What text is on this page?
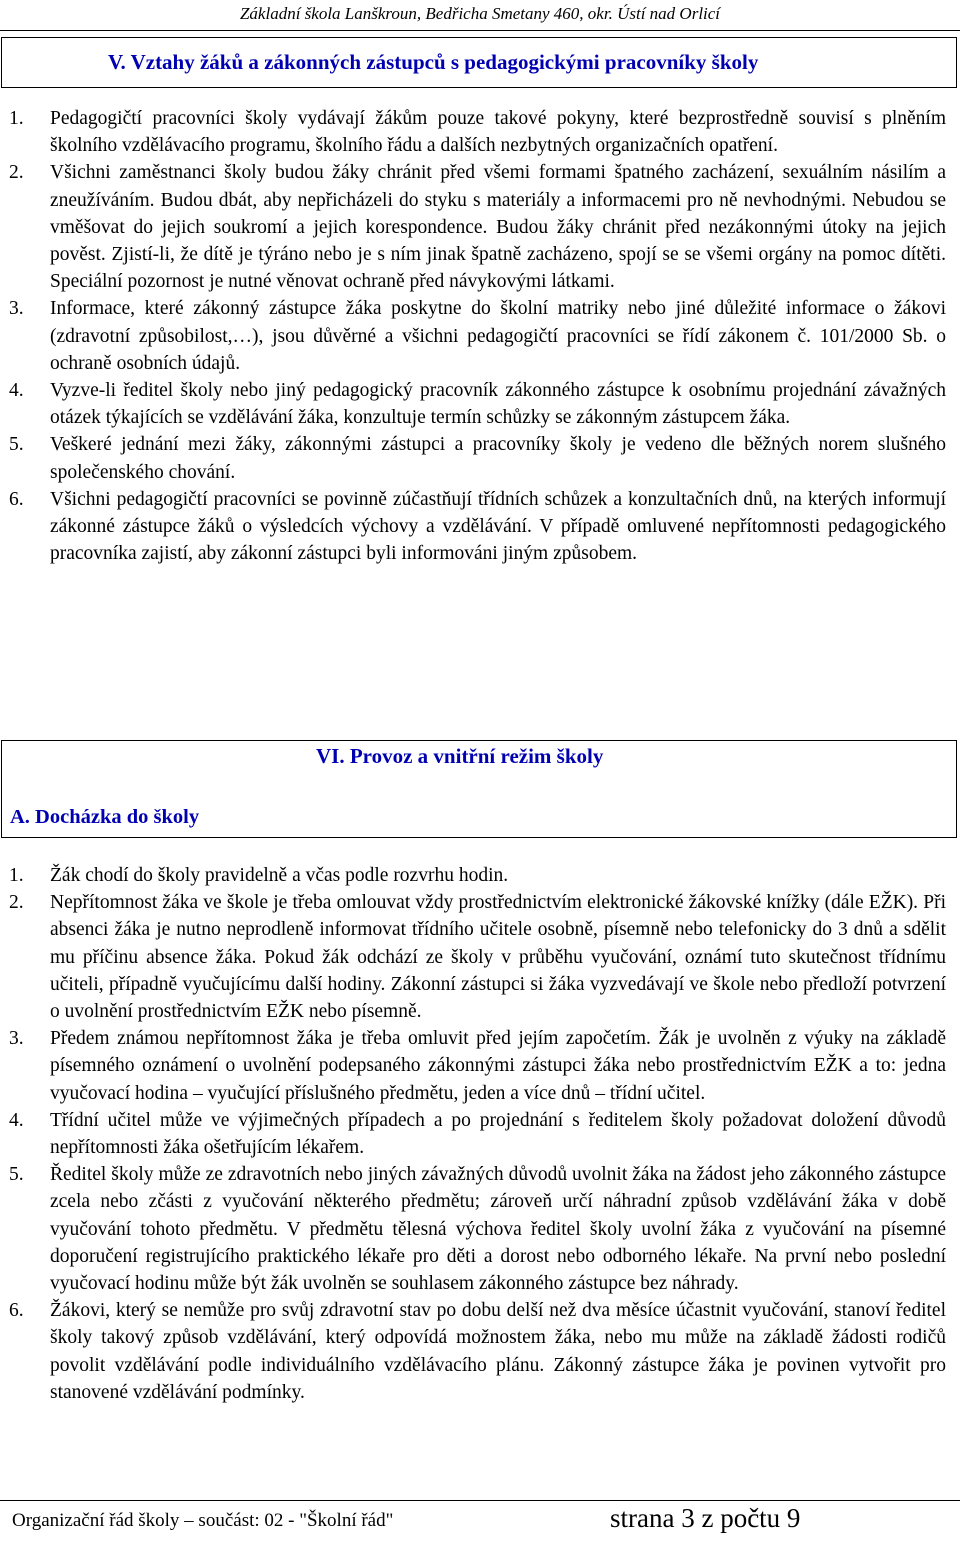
Základní škola Lanškroun, Bedřicha Smetany 460, okr. Ústí nad Orlicí
V. Vztahy žáků a zákonných zástupců s pedagogickými pracovníky školy
1. Pedagogičtí pracovníci školy vydávají žákům pouze takové pokyny, které bezprostředně souvisí s plněním školního vzdělávacího programu, školního řádu a dalších nezbytných organizačních opatření.
2. Všichni zaměstnanci školy budou žáky chránit před všemi formami špatného zacházení, sexuálním násilím a zneužíváním. Budou dbát, aby nepřicházeli do styku s materiály a informacemi pro ně nevhodnými. Nebudou se vměšovat do jejich soukromí a jejich korespondence. Budou žáky chránit před nezákonnými útoky na jejich pověst. Zjistí-li, že dítě je týráno nebo je s ním jinak špatně zacházeno, spojí se se všemi orgány na pomoc dítěti. Speciální pozornost je nutné věnovat ochraně před návykovými látkami.
3. Informace, které zákonný zástupce žáka poskytne do školní matriky nebo jiné důležité informace o žákovi (zdravotní způsobilost,…), jsou důvěrné a všichni pedagogičtí pracovníci se řídí zákonem č. 101/2000 Sb. o ochraně osobních údajů.
4. Vyzve-li ředitel školy nebo jiný pedagogický pracovník zákonného zástupce k osobnímu projednání závažných otázek týkajících se vzdělávání žáka, konzultuje termín schůzky se zákonným zástupcem žáka.
5. Veškeré jednání mezi žáky, zákonnými zástupci a pracovníky školy je vedeno dle běžných norem slušného společenského chování.
6. Všichni pedagogičtí pracovníci se povinně zúčastňují třídních schůzek a konzultačních dnů, na kterých informují zákonné zástupce žáků o výsledcích výchovy a vzdělávání. V případě omluvené nepřítomnosti pedagogického pracovníka zajistí, aby zákonní zástupci byli informováni jiným způsobem.
VI. Provoz a vnitřní režim školy
A. Docházka do školy
1. Žák chodí do školy pravidelně a včas podle rozvrhu hodin.
2. Nepřítomnost žáka ve škole je třeba omlouvat vždy prostřednictvím elektronické žákovské knížky (dále EŽK). Při absenci žáka je nutno neprodleně informovat třídního učitele osobně, písemně nebo telefonicky do 3 dnů a sdělit mu příčinu absence žáka. Pokud žák odchází ze školy v průběhu vyučování, oznámí tuto skutečnost třídnímu učiteli, případně vyučujícímu další hodiny. Zákonní zástupci si žáka vyzvedávají ve škole nebo předloží potvrzení o uvolnění prostřednictvím EŽK nebo písemně.
3. Předem známou nepřítomnost žáka je třeba omluvit před jejím započetím. Žák je uvolněn z výuky na základě písemného oznámení o uvolnění podepsaného zákonnými zástupci žáka nebo prostřednictvím EŽK a to: jedna vyučovací hodina – vyučující příslušného předmětu, jeden a více dnů – třídní učitel.
4. Třídní učitel může ve výjimečných případech a po projednání s ředitelem školy požadovat doložení důvodů nepřítomnosti žáka ošetřujícím lékařem.
5. Ředitel školy může ze zdravotních nebo jiných závažných důvodů uvolnit žáka na žádost jeho zákonného zástupce zcela nebo zčásti z vyučování některého předmětu; zároveň určí náhradní způsob vzdělávání žáka v době vyučování tohoto předmětu. V předmětu tělesná výchova ředitel školy uvolní žáka z vyučování na písemné doporučení registrujícího praktického lékaře pro děti a dorost nebo odborného lékaře. Na první nebo poslední vyučovací hodinu může být žák uvolněn se souhlasem zákonného zástupce bez náhrady.
6. Žákovi, který se nemůže pro svůj zdravotní stav po dobu delší než dva měsíce účastnit vyučování, stanoví ředitel školy takový způsob vzdělávání, který odpovídá možnostem žáka, nebo mu může na základě žádosti rodičů povolit vzdělávání podle individuálního vzdělávacího plánu. Zákonný zástupce žáka je povinen vytvořit pro stanovené vzdělávání podmínky.
Organizační řád školy – součást: 02 - "Školní řád"	strana 3 z počtu 9
